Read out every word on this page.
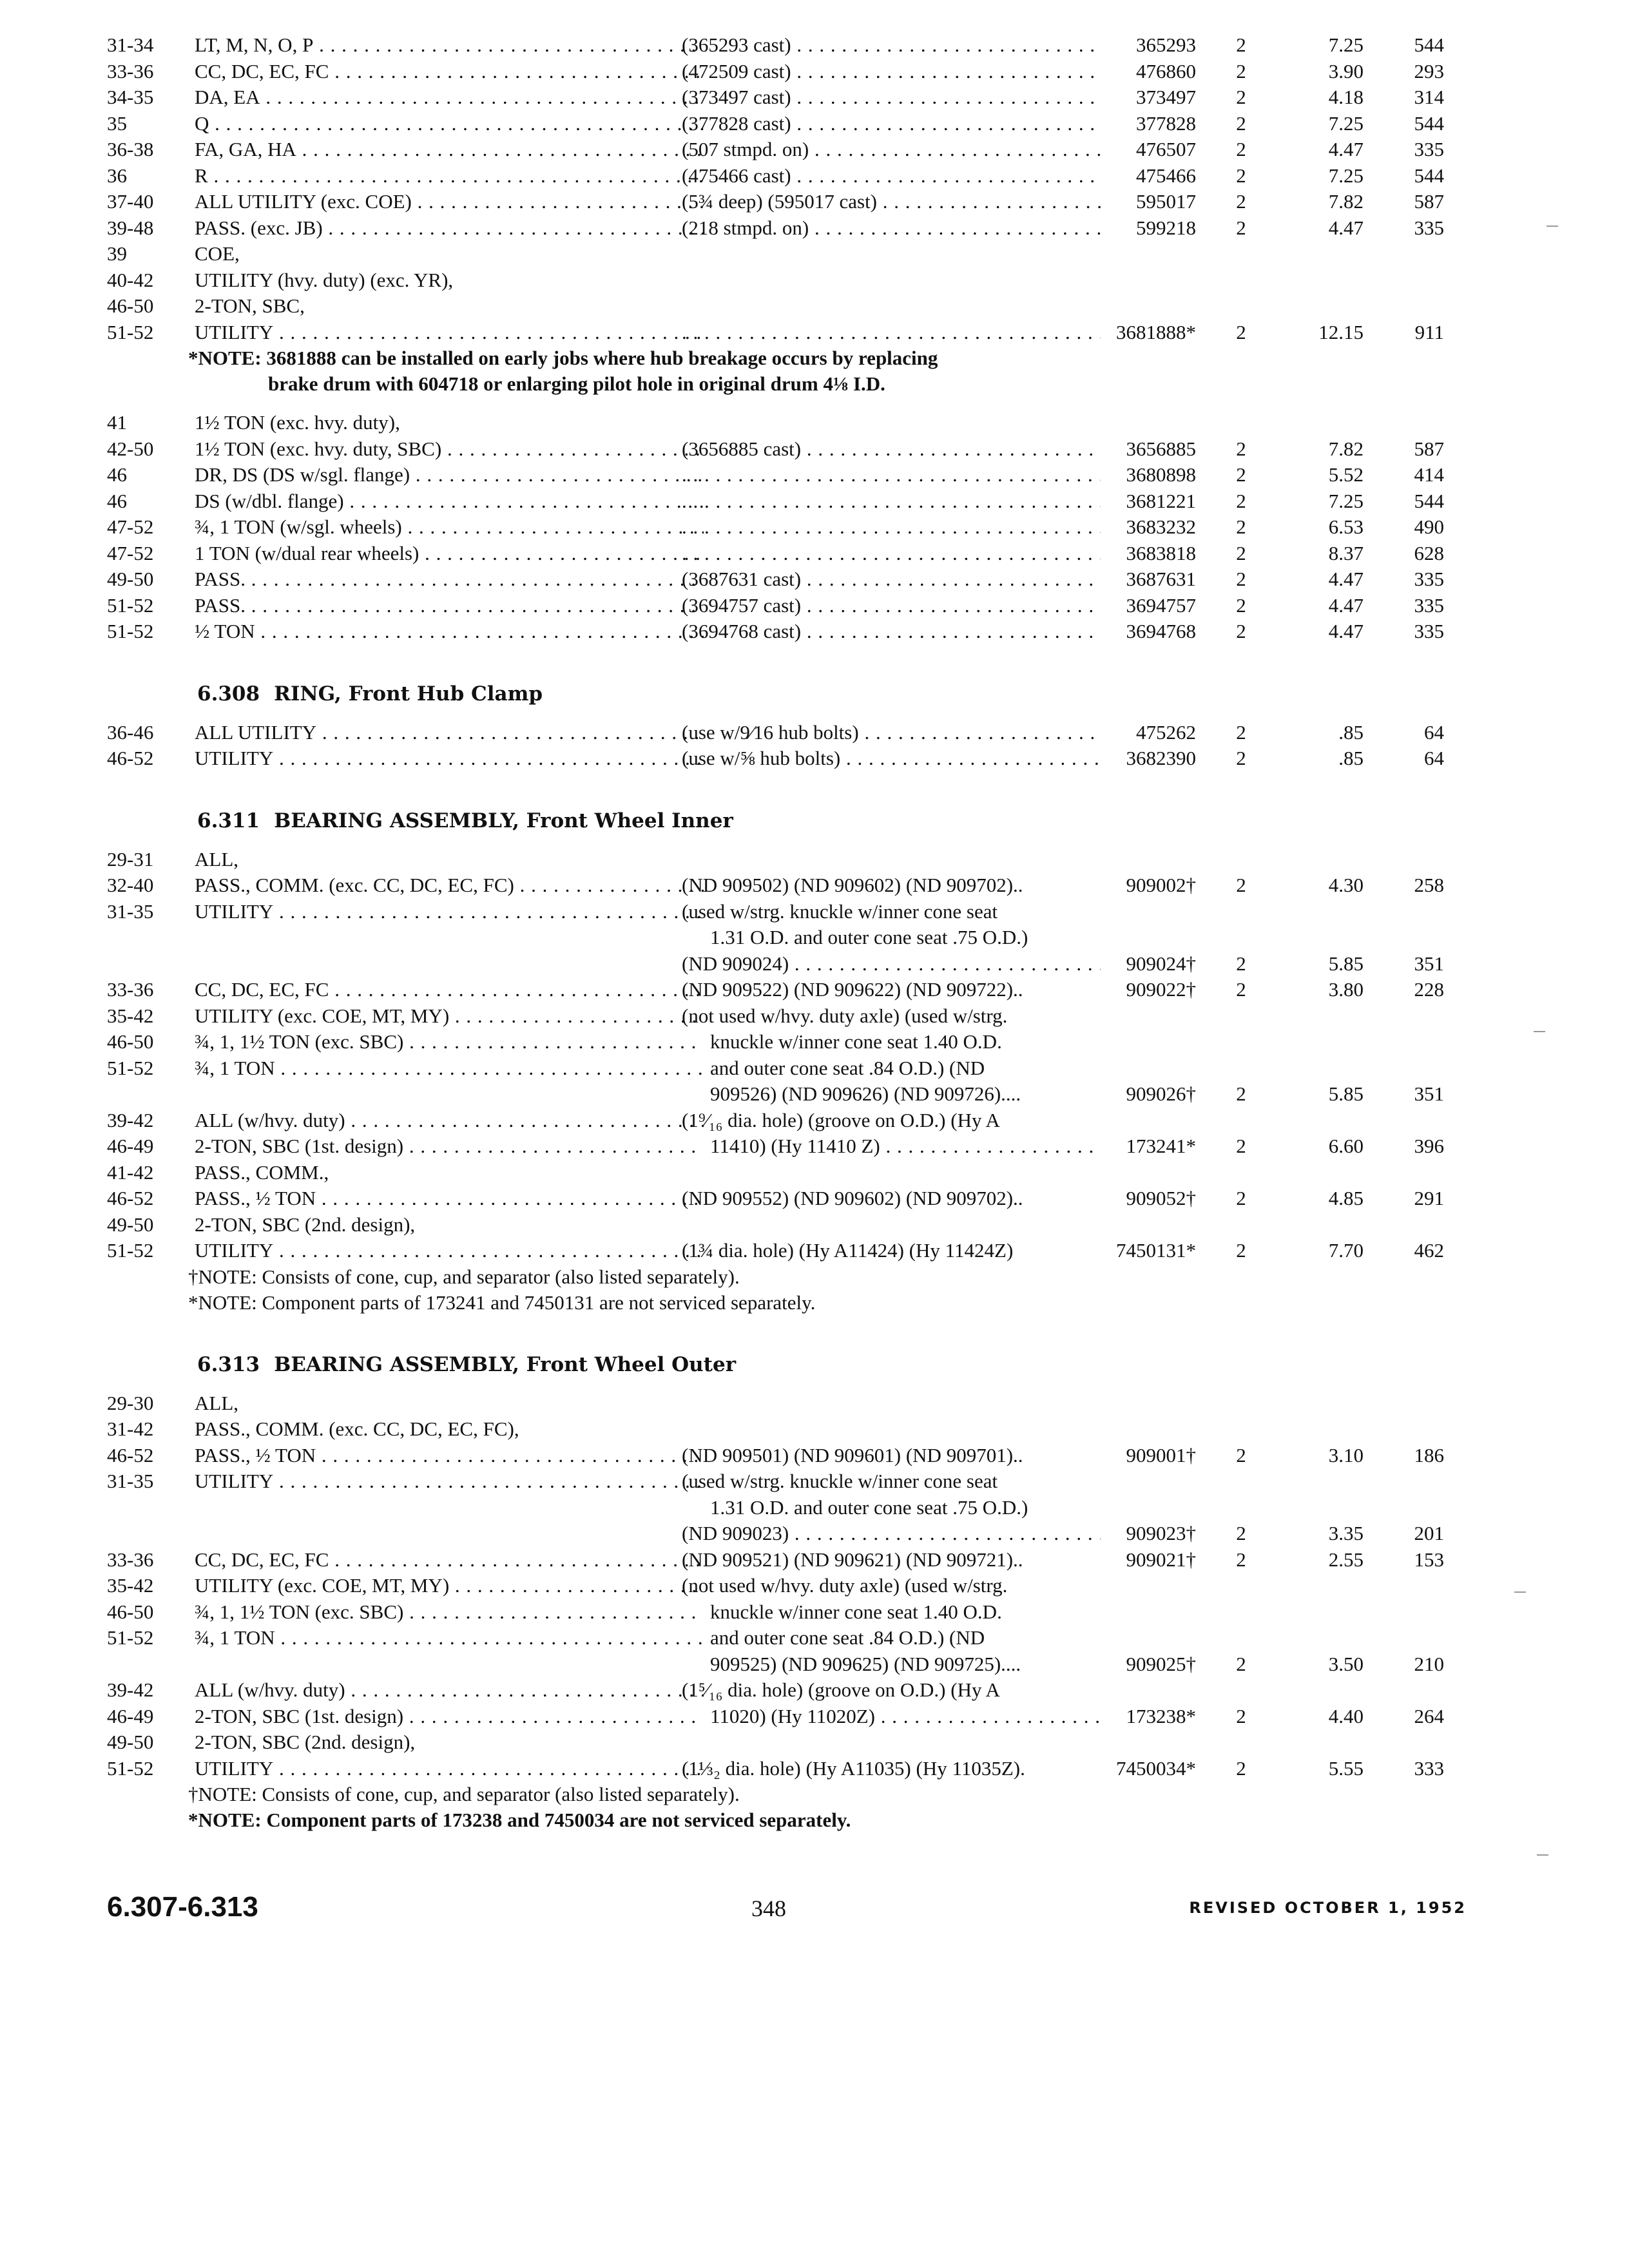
31-34	LT, M, N, O, P . . .	(365293 cast) . . .	365293 2	7.25	544
33-36	CC, DC, EC, FC . . .	(472509 cast) . . .	476860 2	3.90	293
34-35	DA, EA . . .	(373497 cast) . . .	373497 2	4.18	314
35	Q . . .	(377828 cast) . . .	377828 2	7.25	544
36-38	FA, GA, HA . . .	(507 stmpd. on) . . .	476507 2	4.47	335
36	R . . .	(475466 cast) . . .	475466 2	7.25	544
37-40	ALL UTILITY (exc. COE) . . .	(5¾ deep) (595017 cast) . . .	595017 2	7.82	587
39-48	PASS. (exc. JB) . . .	(218 stmpd. on) . . .	599218 2	4.47	335
39	COE,
40-42	UTILITY (hvy. duty) (exc. YR),
46-50	2-TON, SBC,
51-52	UTILITY . . . . . .	3681888* 2	12.15	911
*NOTE: 3681888 can be installed on early jobs where hub breakage occurs by replacing
brake drum with 604718 or enlarging pilot hole in original drum 4⅛ I.D.
41	1½ TON (exc. hvy. duty),
42-50	1½ TON (exc. hvy. duty, SBC) . . .	(3656885 cast) . . .	3656885 2	7.82	587
46	DR, DS (DS w/sgl. flange) . . . . . .	3680898 2	5.52	414
46	DS (w/dbl. flange) . . . . . .	3681221 2	7.25	544
47-52	¾, 1 TON (w/sgl. wheels) . . . . . .	3683232 2	6.53	490
47-52	1 TON (w/dual rear wheels) . . . . . .	3683818 2	8.37	628
49-50	PASS. . . .	(3687631 cast) . . .	3687631 2	4.47	335
51-52	PASS. . . .	(3694757 cast) . . .	3694757 2	4.47	335
51-52	½ TON . . .	(3694768 cast) . . .	3694768 2	4.47	335
6.308 RING, Front Hub Clamp
36-46	ALL UTILITY . . .	(use w/9⁄16 hub bolts) . . .	475262 2	.85	64
46-52	UTILITY . . .	(use w/⅝ hub bolts) . . .	3682390 2	.85	64
6.311 BEARING ASSEMBLY, Front Wheel Inner
29-31	ALL,
32-40	PASS., COMM. (exc. CC, DC, EC, FC) . . .	(ND 909502) (ND 909602) (ND 909702)..	909002† 2	4.30	258
31-35	UTILITY . . .	(used w/strg. knuckle w/inner cone seat
1.31 O.D. and outer cone seat .75 O.D.)
(ND 909024) . . .	909024† 2	5.85	351
33-36	CC, DC, EC, FC . . .	(ND 909522) (ND 909622) (ND 909722)..	909022† 2	3.80	228
35-42	UTILITY (exc. COE, MT, MY) . . .	(not used w/hvy. duty axle) (used w/strg.
46-50	¾, 1, 1½ TON (exc. SBC) . . .	knuckle w/inner cone seat 1.40 O.D.
51-52	¾, 1 TON . . .	and outer cone seat .84 O.D.) (ND
909526) (ND 909626) (ND 909726)....	909026† 2	5.85	351
39-42	ALL (w/hvy. duty) . . .	(1⁹⁄₁₆ dia. hole) (groove on O.D.) (Hy A
46-49	2-TON, SBC (1st. design) . . .	11410) (Hy 11410 Z) . . .	173241* 2	6.60	396
41-42	PASS., COMM.,
46-52	PASS., ½ TON . . .	(ND 909552) (ND 909602) (ND 909702)..	909052† 2	4.85	291
49-50	2-TON, SBC (2nd. design),
51-52	UTILITY . . .	(1¾ dia. hole) (Hy A11424) (Hy 11424Z)	7450131* 2	7.70	462
†NOTE: Consists of cone, cup, and separator (also listed separately).
*NOTE: Component parts of 173241 and 7450131 are not serviced separately.
6.313 BEARING ASSEMBLY, Front Wheel Outer
29-30	ALL,
31-42	PASS., COMM. (exc. CC, DC, EC, FC),
46-52	PASS., ½ TON . . .	(ND 909501) (ND 909601) (ND 909701)..	909001† 2	3.10	186
31-35	UTILITY . . .	(used w/strg. knuckle w/inner cone seat
1.31 O.D. and outer cone seat .75 O.D.)
(ND 909023) . . .	909023† 2	3.35	201
33-36	CC, DC, EC, FC . . .	(ND 909521) (ND 909621) (ND 909721)..	909021† 2	2.55	153
35-42	UTILITY (exc. COE, MT, MY) . . .	(not used w/hvy. duty axle) (used w/strg.
46-50	¾, 1, 1½ TON (exc. SBC) . . .	knuckle w/inner cone seat 1.40 O.D.
51-52	¾, 1 TON . . .	and outer cone seat .84 O.D.) (ND
909525) (ND 909625) (ND 909725)....	909025† 2	3.50	210
39-42	ALL (w/hvy. duty) . . .	(1⁵⁄₁₆ dia. hole) (groove on O.D.) (Hy A
46-49	2-TON, SBC (1st. design) . . .	11020) (Hy 11020Z) . . .	173238* 2	4.40	264
49-50	2-TON, SBC (2nd. design),
51-52	UTILITY . . .	(1⅓₂ dia. hole) (Hy A11035) (Hy 11035Z).	7450034* 2	5.55	333
†NOTE: Consists of cone, cup, and separator (also listed separately).
*NOTE: Component parts of 173238 and 7450034 are not serviced separately.
6.307-6.313	348	REVISED OCTOBER 1, 1952
